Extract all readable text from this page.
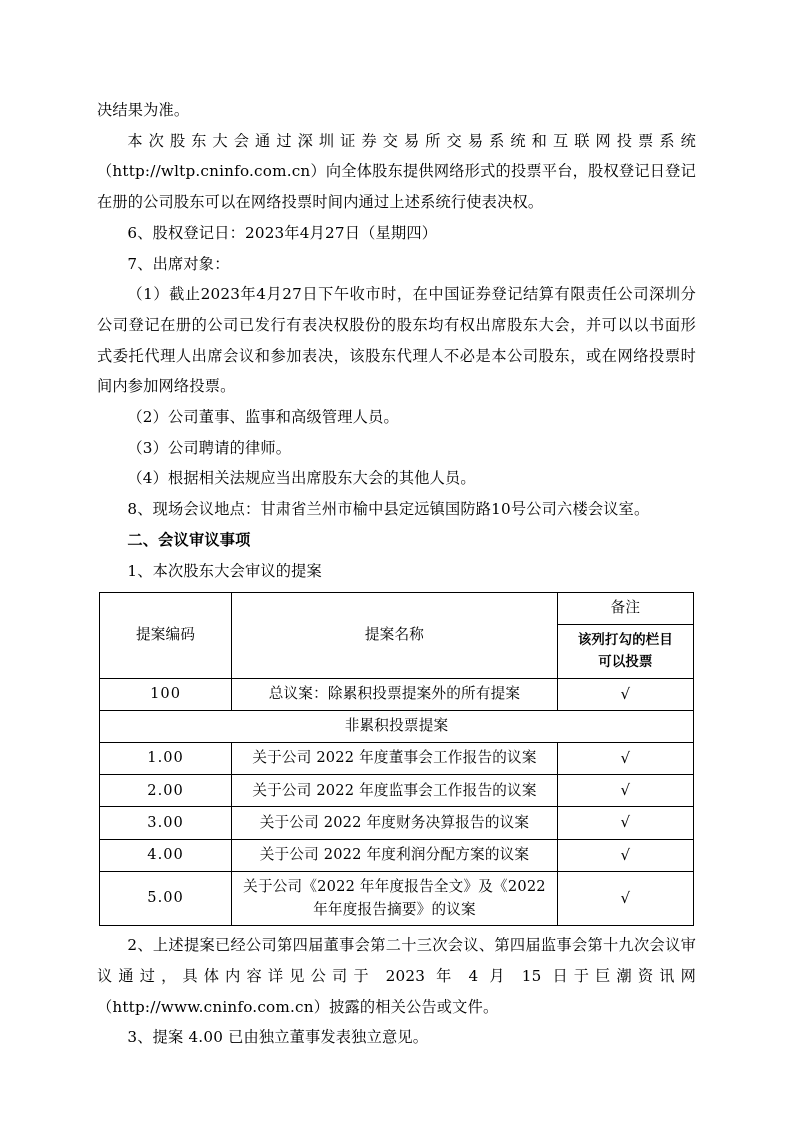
决结果为准。

本次股东大会通过深圳证券交易所交易系统和互联网投票系统（http://wltp.cninfo.com.cn）向全体股东提供网络形式的投票平台，股权登记日登记在册的公司股东可以在网络投票时间内通过上述系统行使表决权。

6、股权登记日：2023年4月27日（星期四）

7、出席对象：

（1）截止2023年4月27日下午收市时，在中国证券登记结算有限责任公司深圳分公司登记在册的公司已发行有表决权股份的股东均有权出席股东大会，并可以以书面形式委托代理人出席会议和参加表决，该股东代理人不必是本公司股东，或在网络投票时间内参加网络投票。

（2）公司董事、监事和高级管理人员。

（3）公司聘请的律师。

（4）根据相关法规应当出席股东大会的其他人员。

8、现场会议地点：甘肃省兰州市榆中县定远镇国防路10号公司六楼会议室。

二、会议审议事项

1、本次股东大会审议的提案

提案编码	提案名称	备注
		该列打勾的栏目
可以投票
100	总议案：除累积投票提案外的所有提案	√
非累积投票提案		
1.00	关于公司 2022 年度董事会工作报告的议案	√
2.00	关于公司 2022 年度监事会工作报告的议案	√
3.00	关于公司 2022 年度财务决算报告的议案	√
4.00	关于公司 2022 年度利润分配方案的议案	√
5.00	关于公司《2022 年年度报告全文》及《2022 年年度报告摘要》的议案	√

2、上述提案已经公司第四届董事会第二十三次会议、第四届监事会第十九次会议审议通过，具体内容详见公司于 2023 年 4 月 15 日于巨潮资讯网（http://www.cninfo.com.cn）披露的相关公告或文件。

3、提案 4.00 已由独立董事发表独立意见。
